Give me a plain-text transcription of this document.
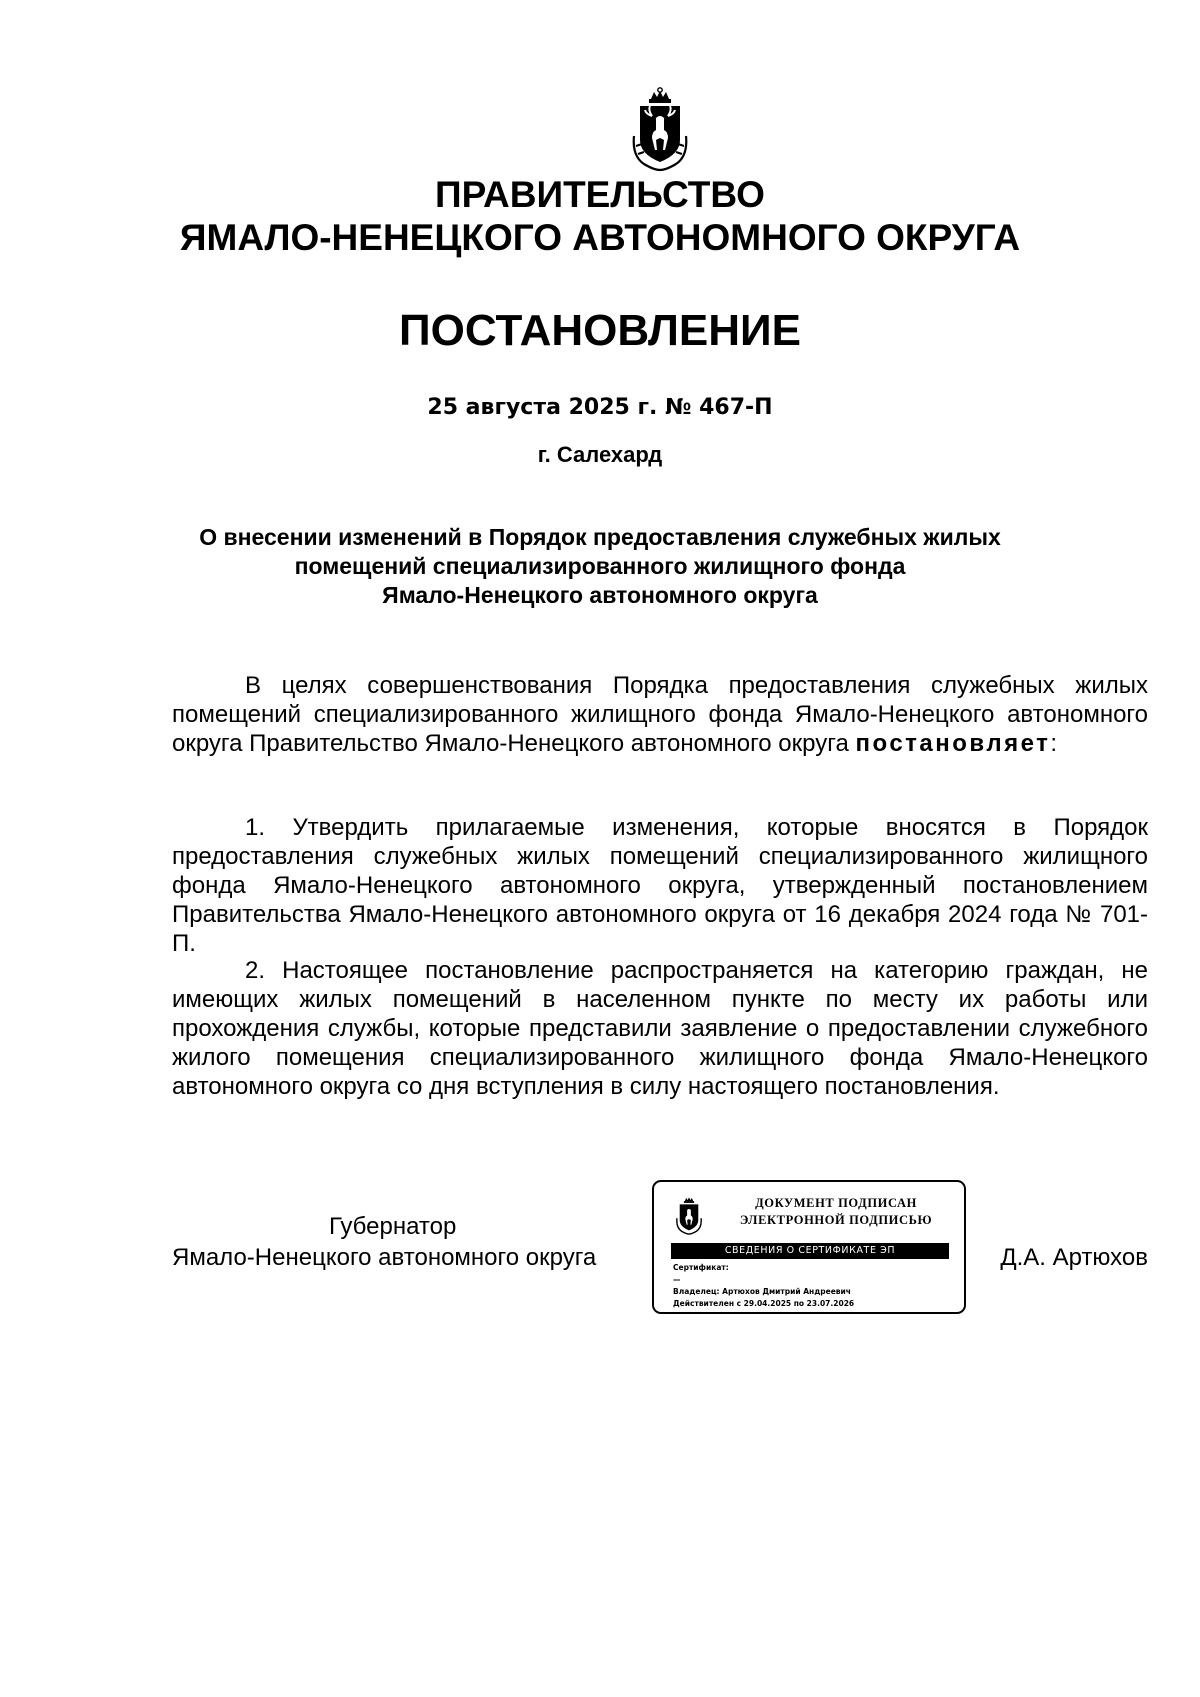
ПРАВИТЕЛЬСТВО
ЯМАЛО-НЕНЕЦКОГО АВТОНОМНОГО ОКРУГА
ПОСТАНОВЛЕНИЕ
25 августа 2025 г. № 467-П
г. Салехард
О внесении изменений в Порядок предоставления служебных жилых
помещений специализированного жилищного фонда
Ямало-Ненецкого автономного округа

В целях совершенствования Порядка предоставления служебных жилых помещений специализированного жилищного фонда Ямало-Ненецкого автономного округа Правительство Ямало-Ненецкого автономного округа постановляет:

1. Утвердить прилагаемые изменения, которые вносятся в Порядок предоставления служебных жилых помещений специализированного жилищного фонда Ямало-Ненецкого автономного округа, утвержденный постановлением Правительства Ямало-Ненецкого автономного округа от 16 декабря 2024 года № 701-П.

2. Настоящее постановление распространяется на категорию граждан, не имеющих жилых помещений в населенном пункте по месту их работы или прохождения службы, которые представили заявление о предоставлении служебного жилого помещения специализированного жилищного фонда Ямало-Ненецкого автономного округа со дня вступления в силу настоящего постановления.

Губернатор
Ямало-Ненецкого автономного округа
ДОКУМЕНТ ПОДПИСАН
ЭЛЕКТРОННОЙ ПОДПИСЬЮ
СВЕДЕНИЯ О СЕРТИФИКАТЕ ЭП
Сертификат:
—
Владелец: Артюхов Дмитрий Андреевич
Действителен с 29.04.2025 по 23.07.2026
Д.А. Артюхов
